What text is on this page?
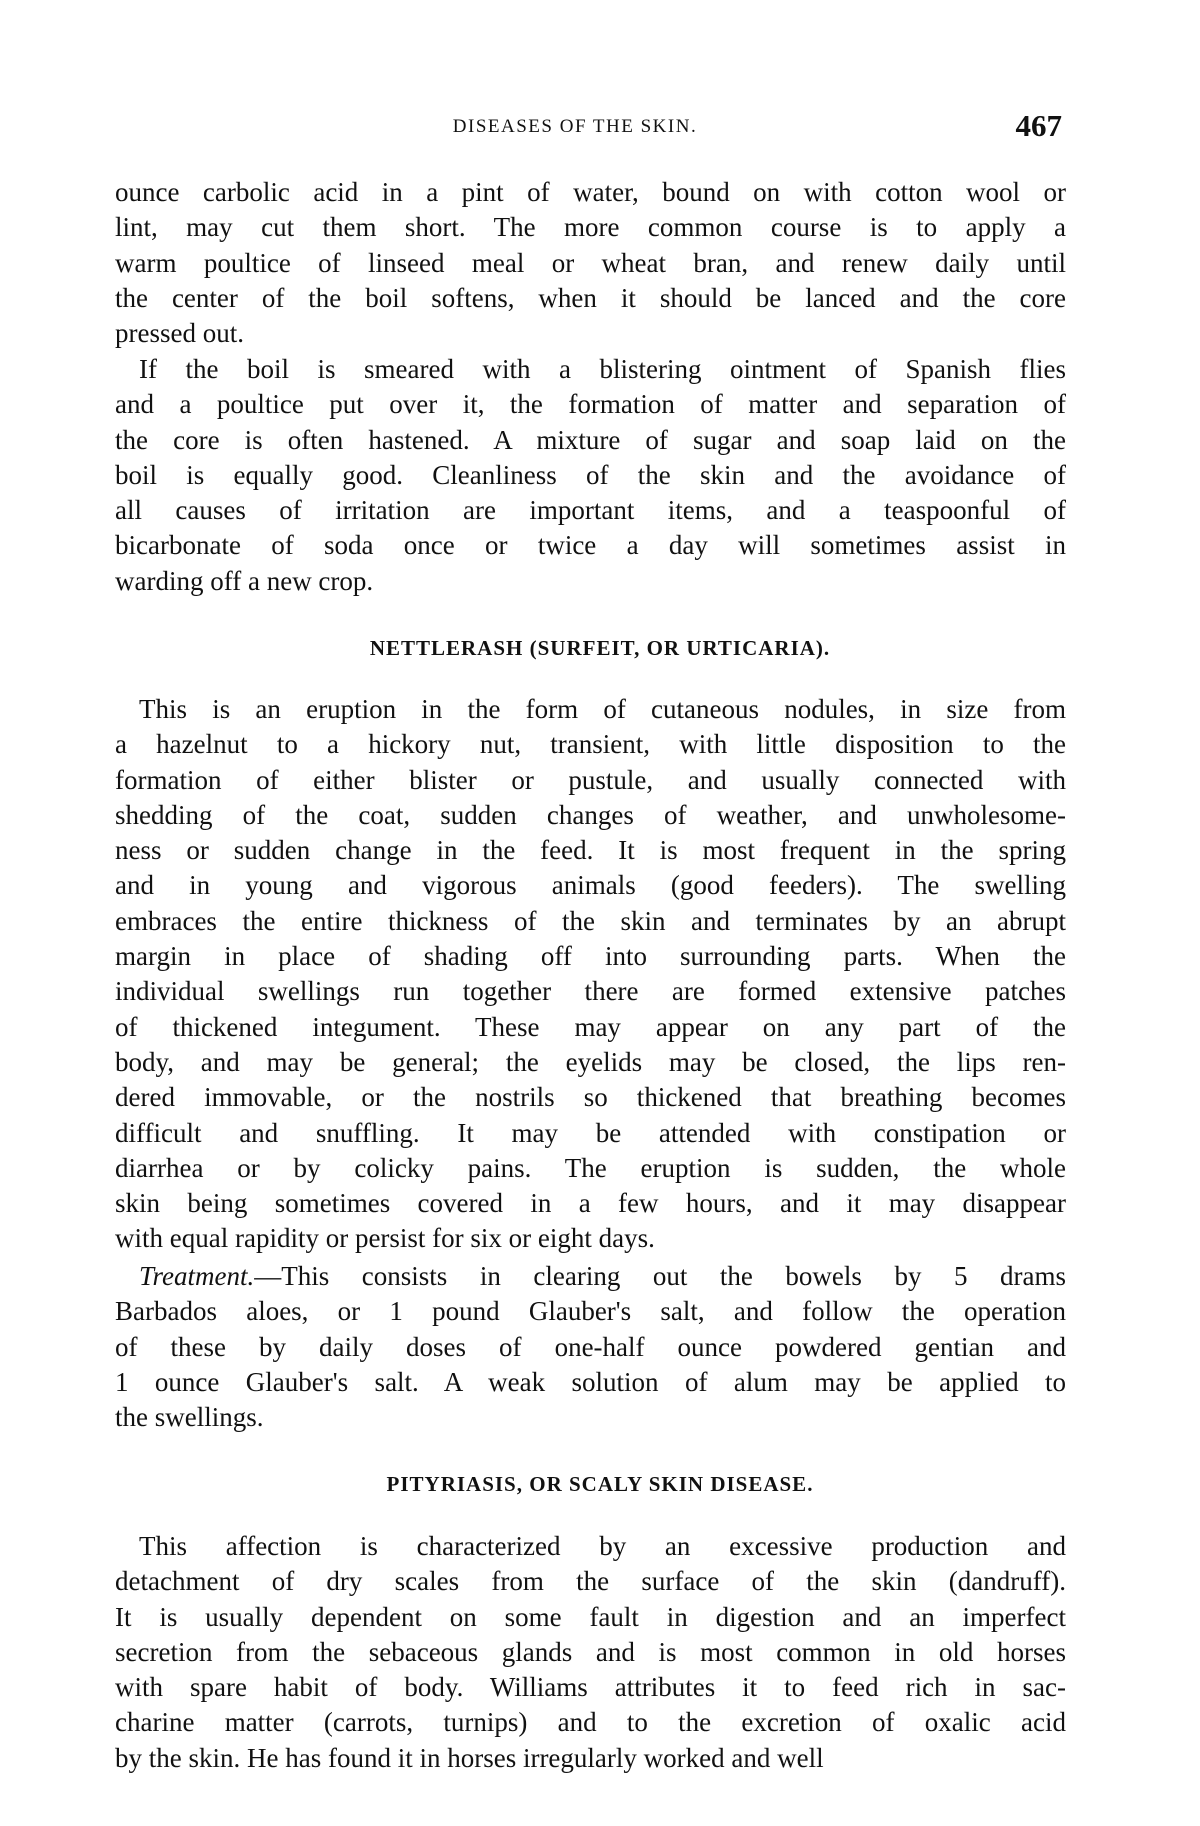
DISEASES OF THE SKIN.	467
ounce carbolic acid in a pint of water, bound on with cotton wool or
lint, may cut them short. The more common course is to apply a
warm poultice of linseed meal or wheat bran, and renew daily until
the center of the boil softens, when it should be lanced and the core
pressed out.
If the boil is smeared with a blistering ointment of Spanish flies
and a poultice put over it, the formation of matter and separation of
the core is often hastened. A mixture of sugar and soap laid on the
boil is equally good. Cleanliness of the skin and the avoidance of
all causes of irritation are important items, and a teaspoonful of
bicarbonate of soda once or twice a day will sometimes assist in
warding off a new crop.
NETTLERASH (SURFEIT, OR URTICARIA).
This is an eruption in the form of cutaneous nodules, in size from
a hazelnut to a hickory nut, transient, with little disposition to the
formation of either blister or pustule, and usually connected with
shedding of the coat, sudden changes of weather, and unwholesome-
ness or sudden change in the feed. It is most frequent in the spring
and in young and vigorous animals (good feeders). The swelling
embraces the entire thickness of the skin and terminates by an abrupt
margin in place of shading off into surrounding parts. When the
individual swellings run together there are formed extensive patches
of thickened integument. These may appear on any part of the
body, and may be general; the eyelids may be closed, the lips ren-
dered immovable, or the nostrils so thickened that breathing becomes
difficult and snuffling. It may be attended with constipation or
diarrhea or by colicky pains. The eruption is sudden, the whole
skin being sometimes covered in a few hours, and it may disappear
with equal rapidity or persist for six or eight days.
Treatment.—This consists in clearing out the bowels by 5 drams
Barbados aloes, or 1 pound Glauber's salt, and follow the operation
of these by daily doses of one-half ounce powdered gentian and
1 ounce Glauber's salt. A weak solution of alum may be applied to
the swellings.
PITYRIASIS, OR SCALY SKIN DISEASE.
This affection is characterized by an excessive production and
detachment of dry scales from the surface of the skin (dandruff).
It is usually dependent on some fault in digestion and an imperfect
secretion from the sebaceous glands and is most common in old horses
with spare habit of body. Williams attributes it to feed rich in sac-
charine matter (carrots, turnips) and to the excretion of oxalic acid
by the skin. He has found it in horses irregularly worked and well
